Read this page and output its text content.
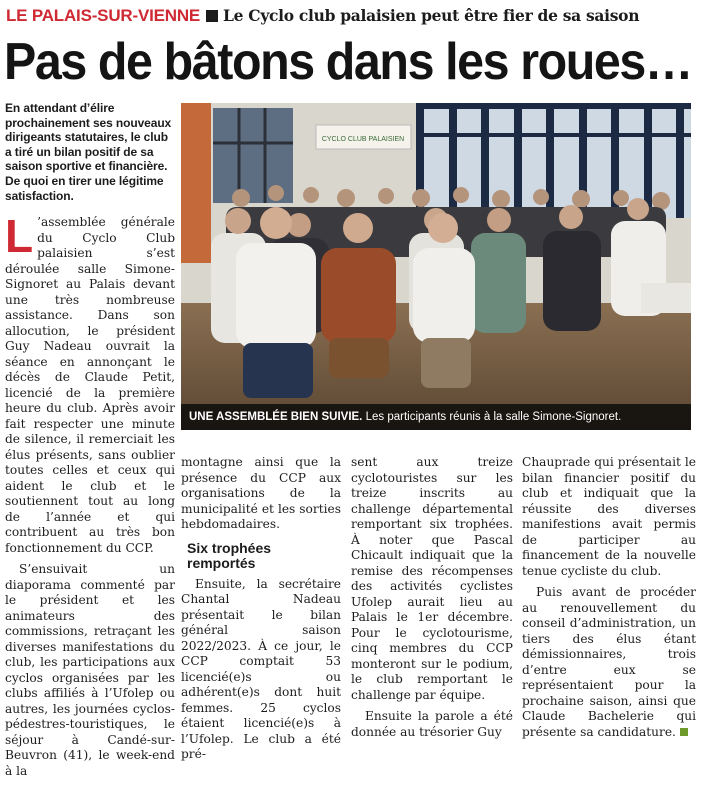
LE PALAIS-SUR-VIENNE Le Cyclo club palaisien peut être fier de sa saison
Pas de bâtons dans les roues…
En attendant d’élire prochainement ses nouveaux dirigeants statutaires, le club a tiré un bilan positif de sa saison sportive et financière. De quoi en tirer une légitime satisfaction.
CYCLO CLUB PALAISIEN
UNE ASSEMBLÉE BIEN SUIVIE. Les participants réunis à la salle Simone-Signoret.

L ’assemblée générale du Cyclo Club palaisien s’est déroulée salle Simone-Signoret au Palais devant une très nombreuse assistance. Dans son allocution, le président Guy Nadeau ouvrait la séance en annonçant le décès de Claude Petit, licencié de la première heure du club. Après avoir fait respecter une minute de silence, il remerciait les élus présents, sans oublier toutes celles et ceux qui aident le club et le soutiennent tout au long de l’année et qui contribuent au très bon fonctionnement du CCP.

S’ensuivait un diaporama commenté par le président et les animateurs des commissions, retraçant les diverses manifestations du club, les participations aux cyclos organisées par les clubs affiliés à l’Ufolep ou autres, les journées cyclos-pédestres-touristiques, le séjour à Candé-sur-Beuvron (41), le week-end à la

montagne ainsi que la présence du CCP aux organisations de la municipalité et les sorties hebdomadaires.

Six trophées remportés

Ensuite, la secrétaire Chantal Nadeau présentait le bilan général saison 2022/2023. À ce jour, le CCP comptait 53 licencié(e)s ou adhérent(e)s dont huit femmes. 25 cyclos étaient licencié(e)s à l’Ufolep. Le club a été pré-

sent aux treize cyclotouristes sur les treize inscrits au challenge départemental remportant six trophées. À noter que Pascal Chicault indiquait que la remise des récompenses des activités cyclistes Ufolep aurait lieu au Palais le 1er décembre. Pour le cyclotourisme, cinq membres du CCP monteront sur le podium, le club remportant le challenge par équipe.

Ensuite la parole a été donnée au trésorier Guy

Chauprade qui présentait le bilan financier positif du club et indiquait que la réussite des diverses manifestions avait permis de participer au financement de la nouvelle tenue cycliste du club.

Puis avant de procéder au renouvellement du conseil d’administration, un tiers des élus étant démissionnaires, trois d’entre eux se représentaient pour la prochaine saison, ainsi que Claude Bachelerie qui présente sa candidature.
